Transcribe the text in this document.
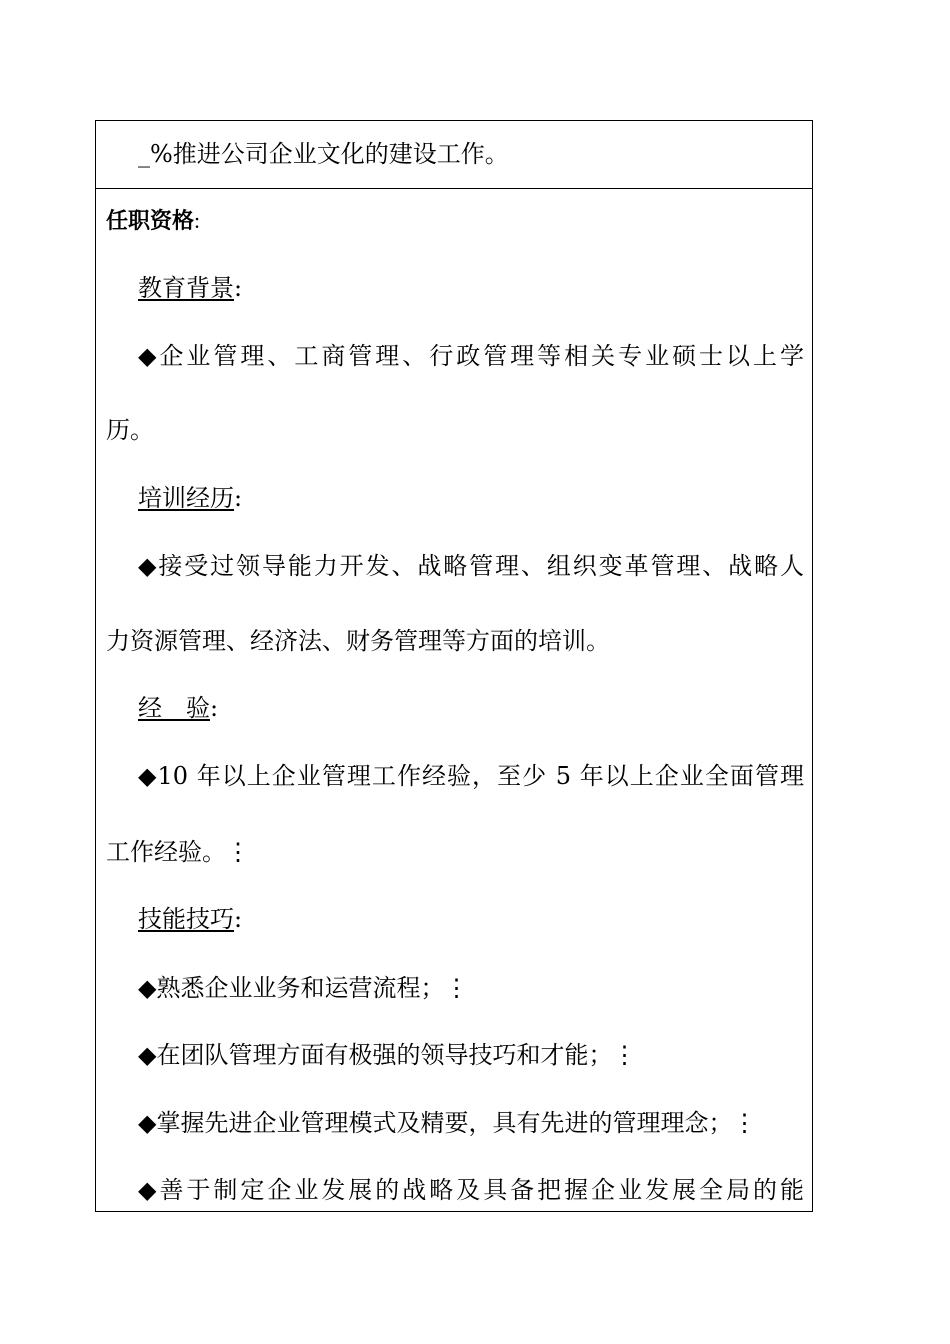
_%推进公司企业文化的建设工作。
任职资格:
教育背景:
◆企业管理、工商管理、行政管理等相关专业硕士以上学
历。
培训经历:
◆接受过领导能力开发、战略管理、组织变革管理、战略人
力资源管理、经济法、财务管理等方面的培训。
经　验:
◆10 年以上企业管理工作经验，至少 5 年以上企业全面管理
工作经验。⋮
技能技巧:
◆熟悉企业业务和运营流程；⋮
◆在团队管理方面有极强的领导技巧和才能；⋮
◆掌握先进企业管理模式及精要，具有先进的管理理念；⋮
◆善于制定企业发展的战略及具备把握企业发展全局的能
